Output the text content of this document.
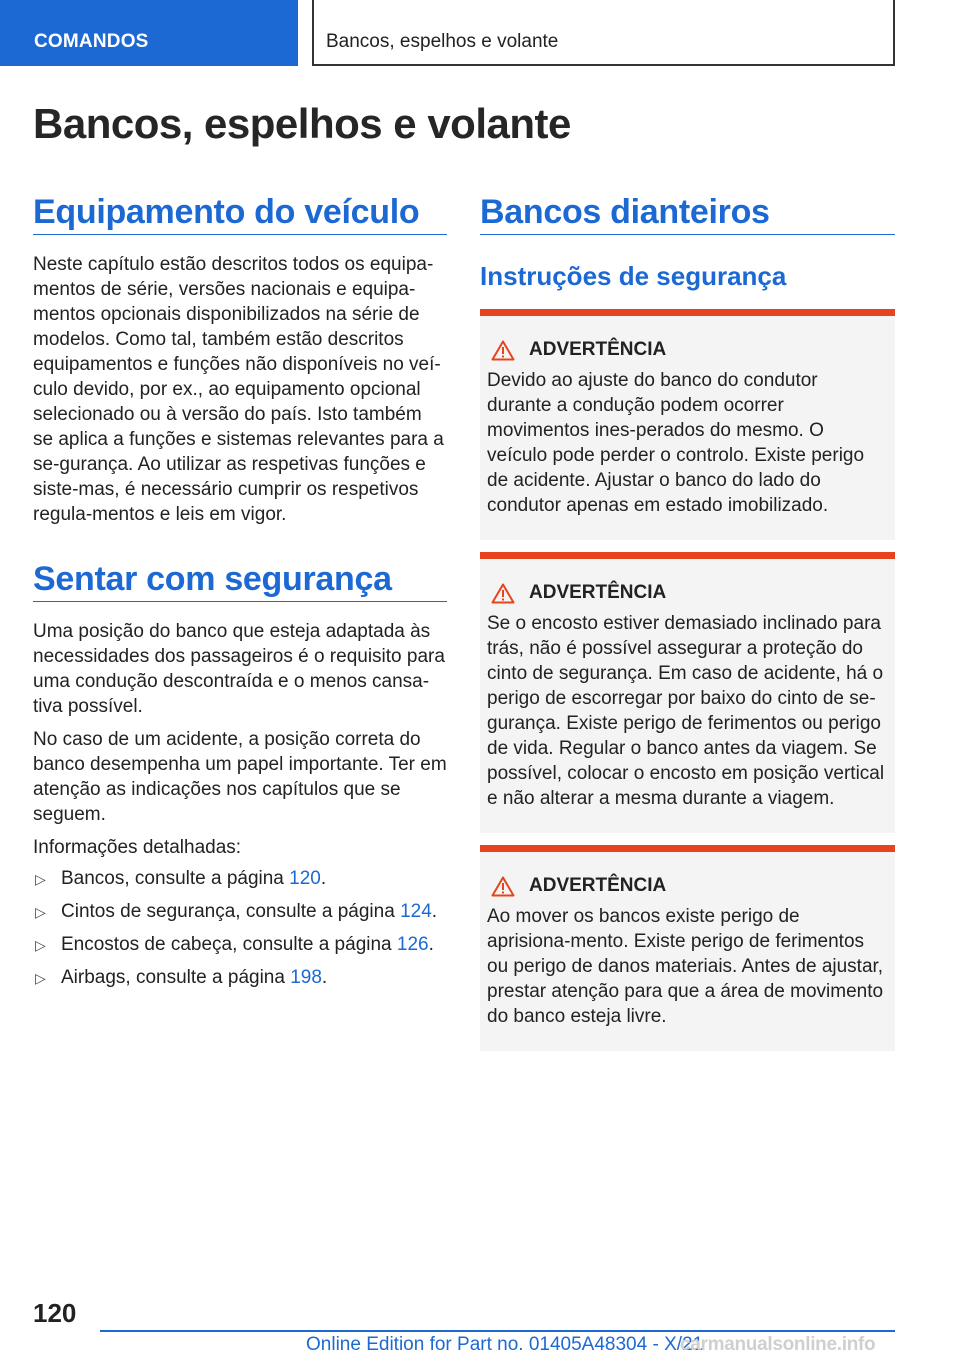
COMANDOS	Bancos, espelhos e volante
Bancos, espelhos e volante
Equipamento do veículo

Neste capítulo estão descritos todos os equipa-mentos de série, versões nacionais e equipa-mentos opcionais disponibilizados na série de modelos. Como tal, também estão descritos equipamentos e funções não disponíveis no veí-culo devido, por ex., ao equipamento opcional selecionado ou à versão do país. Isto também se aplica a funções e sistemas relevantes para a se-gurança. Ao utilizar as respetivas funções e siste-mas, é necessário cumprir os respetivos regula-mentos e leis em vigor.

Sentar com segurança

Uma posição do banco que esteja adaptada às necessidades dos passageiros é o requisito para uma condução descontraída e o menos cansa-tiva possível.

No caso de um acidente, a posição correta do banco desempenha um papel importante. Ter em atenção as indicações nos capítulos que se seguem.

Informações detalhadas:

▷ Bancos, consulte a página 120.
▷ Cintos de segurança, consulte a página 124.
▷ Encostos de cabeça, consulte a página 126.
▷ Airbags, consulte a página 198.
Bancos dianteiros
Instruções de segurança
ADVERTÊNCIA

Devido ao ajuste do banco do condutor durante a condução podem ocorrer movimentos ines-perados do mesmo. O veículo pode perder o controlo. Existe perigo de acidente. Ajustar o banco do lado do condutor apenas em estado imobilizado.

ADVERTÊNCIA

Se o encosto estiver demasiado inclinado para trás, não é possível assegurar a proteção do cinto de segurança. Em caso de acidente, há o perigo de escorregar por baixo do cinto de se-gurança. Existe perigo de ferimentos ou perigo de vida. Regular o banco antes da viagem. Se possível, colocar o encosto em posição vertical e não alterar a mesma durante a viagem.

ADVERTÊNCIA

Ao mover os bancos existe perigo de aprisiona-mento. Existe perigo de ferimentos ou perigo de danos materiais. Antes de ajustar, prestar atenção para que a área de movimento do banco esteja livre.

120
Online Edition for Part no. 01405A48304 - X/21
carmanualsonline.info
